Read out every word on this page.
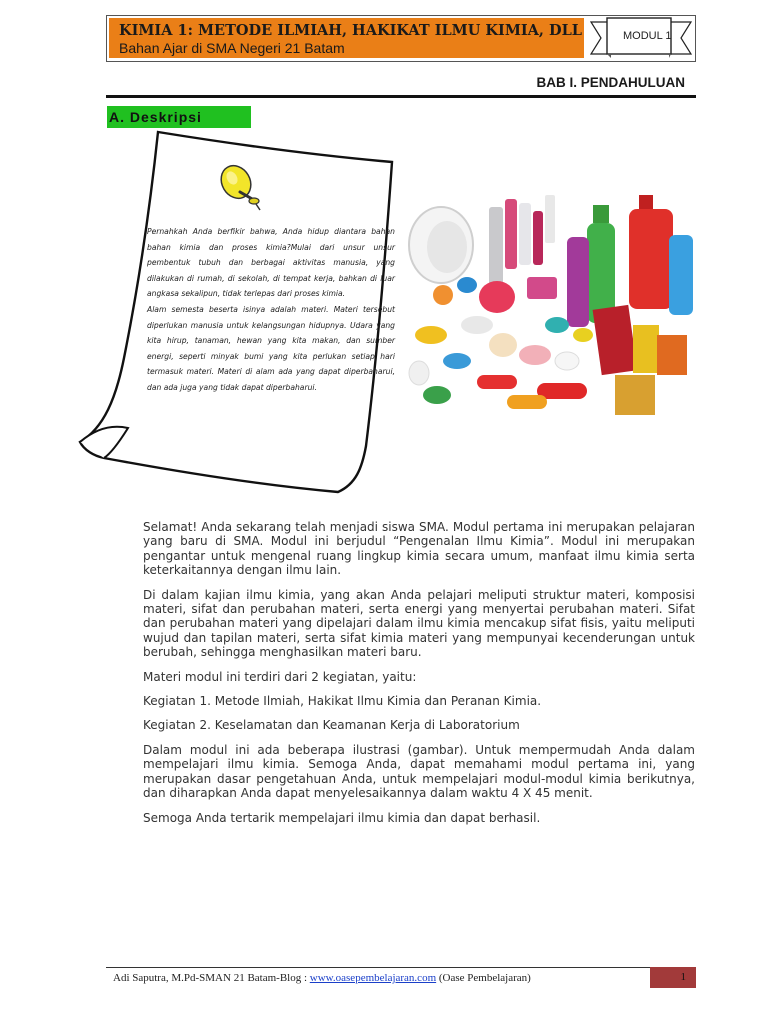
KIMIA 1: METODE ILMIAH, HAKIKAT ILMU KIMIA, DLL
Bahan Ajar di SMA Negeri 21 Batam
MODUL 1
BAB I. PENDAHULUAN
A. Deskripsi

Pernahkah Anda berfikir bahwa, Anda hidup diantara bahan bahan kimia dan proses kimia?Mulai dari unsur unsur pembentuk tubuh dan berbagai aktivitas manusia, yang dilakukan di rumah, di sekolah, di tempat kerja, bahkan di luar angkasa sekalipun, tidak terlepas dari proses kimia.

Alam semesta beserta isinya adalah materi. Materi tersebut diperlukan manusia untuk kelangsungan hidupnya. Udara yang kita hirup, tanaman, hewan yang kita makan, dan sumber energi, seperti minyak bumi yang kita perlukan setiap hari termasuk materi. Materi di alam ada yang dapat diperbaharui, dan ada juga yang tidak dapat diperbaharui.

Selamat! Anda sekarang telah menjadi siswa SMA. Modul pertama ini merupakan pelajaran yang baru di SMA. Modul ini berjudul “Pengenalan Ilmu Kimia”. Modul ini merupakan pengantar untuk mengenal ruang lingkup kimia secara umum, manfaat ilmu kimia serta keterkaitannya dengan ilmu lain.

Di dalam kajian ilmu kimia, yang akan Anda pelajari meliputi struktur materi, komposisi materi, sifat dan perubahan materi, serta energi yang menyertai perubahan materi. Sifat dan perubahan materi yang dipelajari dalam ilmu kimia mencakup sifat fisis, yaitu meliputi wujud dan tapilan materi, serta sifat kimia materi yang mempunyai kecenderungan untuk berubah, sehingga menghasilkan materi baru.

Materi modul ini terdiri dari 2 kegiatan, yaitu:

Kegiatan 1. Metode Ilmiah, Hakikat Ilmu Kimia dan Peranan Kimia.

Kegiatan 2. Keselamatan dan Keamanan Kerja di Laboratorium

Dalam modul ini ada beberapa ilustrasi (gambar). Untuk mempermudah Anda dalam mempelajari ilmu kimia. Semoga Anda, dapat memahami modul pertama ini, yang merupakan dasar pengetahuan Anda, untuk mempelajari modul-modul kimia berikutnya, dan diharapkan Anda dapat menyelesaikannya dalam waktu 4 X 45 menit.

Semoga Anda tertarik mempelajari ilmu kimia dan dapat berhasil.

Adi Saputra, M.Pd-SMAN 21 Batam-Blog : www.oasepembelajaran.com (Oase Pembelajaran)	1
